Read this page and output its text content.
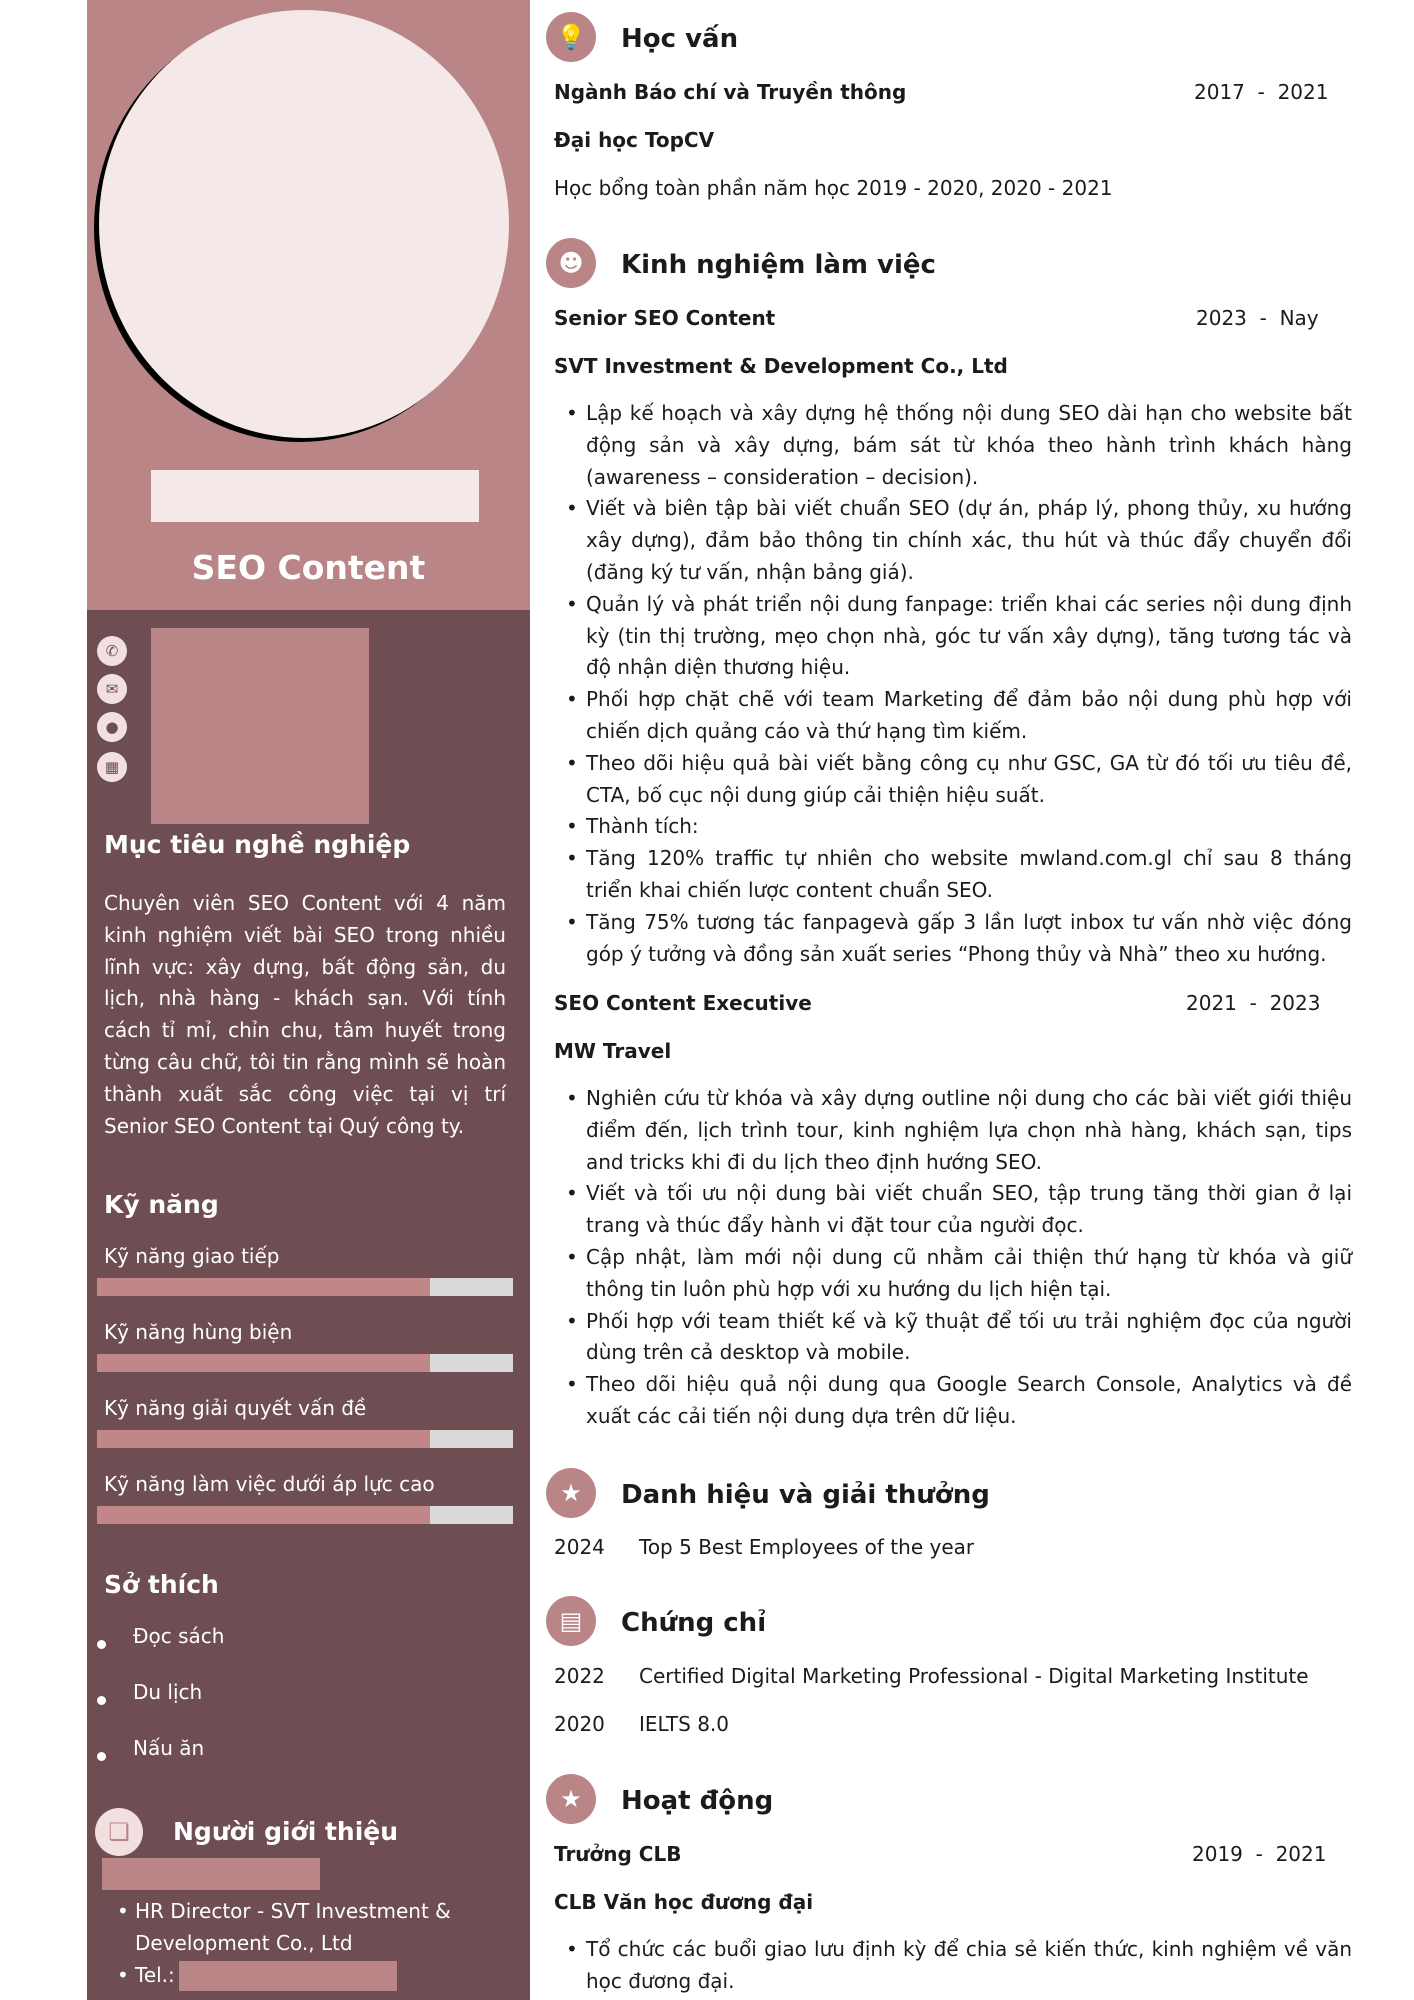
SEO Content
✆
✉
●
▦
Mục tiêu nghề nghiệp
Chuyên viên SEO Content với 4 năm kinh nghiệm viết bài SEO trong nhiều lĩnh vực: xây dựng, bất động sản, du lịch, nhà hàng - khách sạn. Với tính cách tỉ mỉ, chỉn chu, tâm huyết trong từng câu chữ, tôi tin rằng mình sẽ hoàn thành xuất sắc công việc tại vị trí Senior SEO Content tại Quý công ty.
Kỹ năng
Kỹ năng giao tiếp
Kỹ năng hùng biện
Kỹ năng giải quyết vấn đề
Kỹ năng làm việc dưới áp lực cao
Sở thích
Đọc sách
Du lịch
Nấu ăn
❏	Người giới thiệu
• HR Director - SVT Investment & Development Co., Ltd
• Tel.:
💡	Học vấn
Ngành Báo chí và Truyền thông	2017  -  2021
Đại học TopCV
Học bổng toàn phần năm học 2019 - 2020, 2020 - 2021
☻	Kinh nghiệm làm việc
Senior SEO Content	2023  -  Nay
SVT Investment & Development Co., Ltd
• Lập kế hoạch và xây dựng hệ thống nội dung SEO dài hạn cho website bất động sản và xây dựng, bám sát từ khóa theo hành trình khách hàng (awareness – consideration – decision).
• Viết và biên tập bài viết chuẩn SEO (dự án, pháp lý, phong thủy, xu hướng xây dựng), đảm bảo thông tin chính xác, thu hút và thúc đẩy chuyển đổi (đăng ký tư vấn, nhận bảng giá).
• Quản lý và phát triển nội dung fanpage: triển khai các series nội dung định kỳ (tin thị trường, mẹo chọn nhà, góc tư vấn xây dựng), tăng tương tác và độ nhận diện thương hiệu.
• Phối hợp chặt chẽ với team Marketing để đảm bảo nội dung phù hợp với chiến dịch quảng cáo và thứ hạng tìm kiếm.
• Theo dõi hiệu quả bài viết bằng công cụ như GSC, GA từ đó tối ưu tiêu đề, CTA, bố cục nội dung giúp cải thiện hiệu suất.
• Thành tích:
• Tăng 120% traffic tự nhiên cho website mwland.com.gl chỉ sau 8 tháng triển khai chiến lược content chuẩn SEO.
• Tăng 75% tương tác fanpagevà gấp 3 lần lượt inbox tư vấn nhờ việc đóng góp ý tưởng và đồng sản xuất series “Phong thủy và Nhà” theo xu hướng.
SEO Content Executive	2021  -  2023
MW Travel
• Nghiên cứu từ khóa và xây dựng outline nội dung cho các bài viết giới thiệu điểm đến, lịch trình tour, kinh nghiệm lựa chọn nhà hàng, khách sạn, tips and tricks khi đi du lịch theo định hướng SEO.
• Viết và tối ưu nội dung bài viết chuẩn SEO, tập trung tăng thời gian ở lại trang và thúc đẩy hành vi đặt tour của người đọc.
• Cập nhật, làm mới nội dung cũ nhằm cải thiện thứ hạng từ khóa và giữ thông tin luôn phù hợp với xu hướng du lịch hiện tại.
• Phối hợp với team thiết kế và kỹ thuật để tối ưu trải nghiệm đọc của người dùng trên cả desktop và mobile.
• Theo dõi hiệu quả nội dung qua Google Search Console, Analytics và đề xuất các cải tiến nội dung dựa trên dữ liệu.
★	Danh hiệu và giải thưởng
2024 Top 5 Best Employees of the year
▤	Chứng chỉ
2022 Certified Digital Marketing Professional - Digital Marketing Institute
2020 IELTS 8.0
★	Hoạt động
Trưởng CLB	2019  -  2021
CLB Văn học đương đại
• Tổ chức các buổi giao lưu định kỳ để chia sẻ kiến thức, kinh nghiệm về văn học đương đại.
